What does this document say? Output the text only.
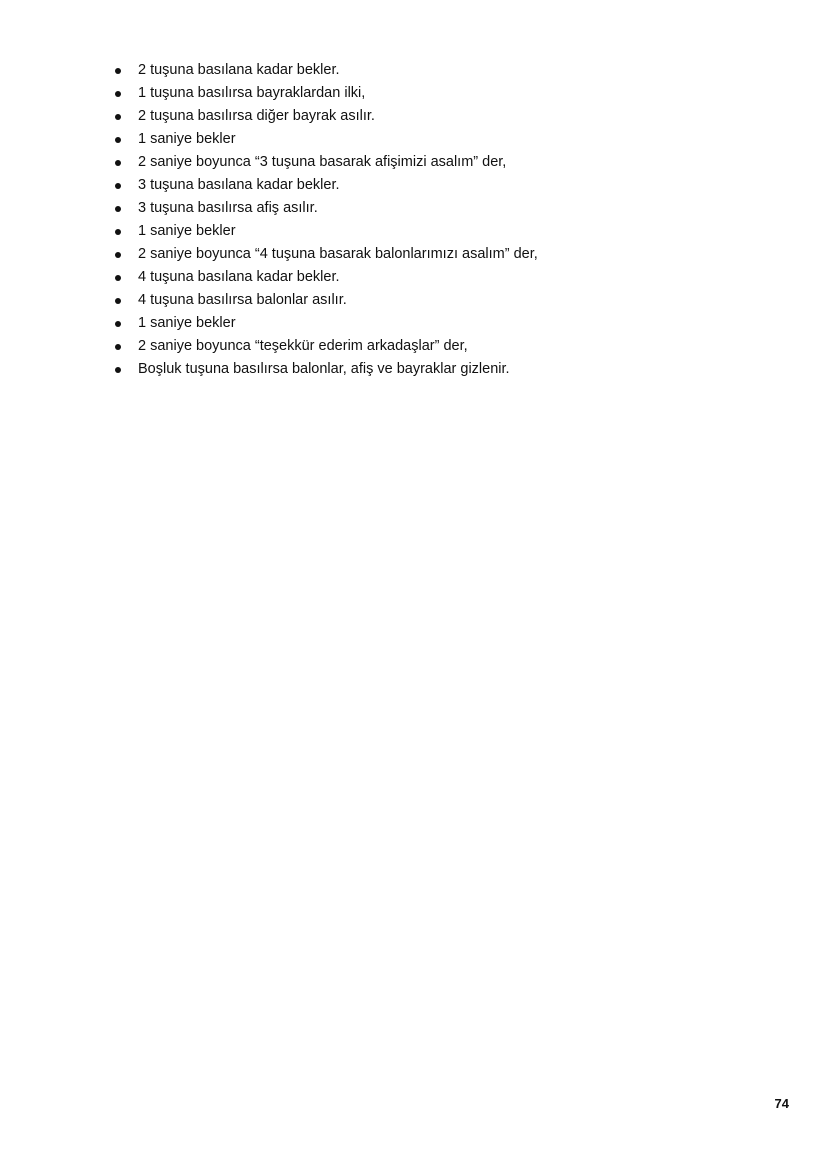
2 tuşuna basılana kadar bekler.
1 tuşuna basılırsa bayraklardan ilki,
2 tuşuna basılırsa diğer bayrak asılır.
1 saniye bekler
2 saniye boyunca “3 tuşuna basarak afişimizi asalım” der,
3 tuşuna basılana kadar bekler.
3 tuşuna basılırsa afiş asılır.
1 saniye bekler
2 saniye boyunca “4 tuşuna basarak balonlarımızı asalım” der,
4 tuşuna basılana kadar bekler.
4 tuşuna basılırsa balonlar asılır.
1 saniye bekler
2 saniye boyunca “teşekkür ederim arkadaşlar” der,
Boşluk tuşuna basılırsa balonlar, afiş ve bayraklar gizlenir.
74
